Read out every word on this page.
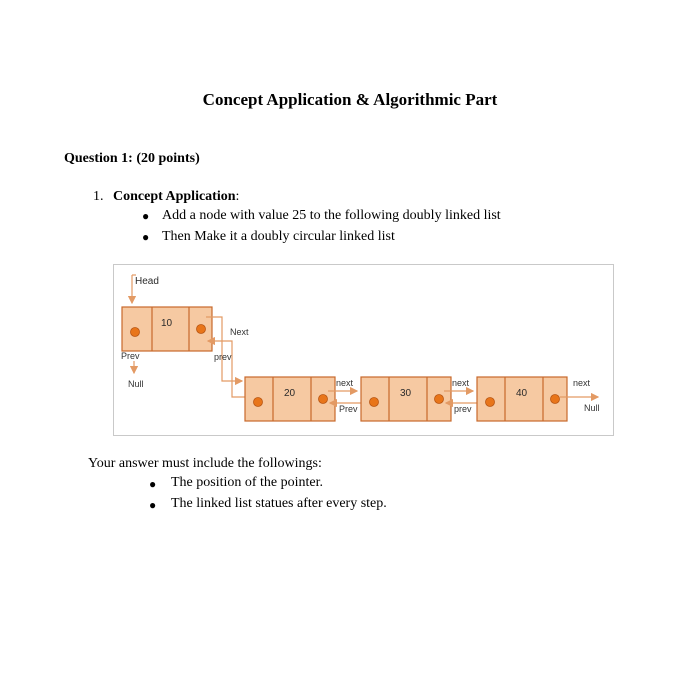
Concept Application & Algorithmic Part
Question 1: (20 points)
1. Concept Application:
● Add a node with value 25 to the following doubly linked list
● Then Make it a doubly circular linked list
Head
10
Next
prev
Prev
Null
20
next
Prev
30
next
prev
40
next
Null
Your answer must include the followings:
● The position of the pointer.
● The linked list statues after every step.
